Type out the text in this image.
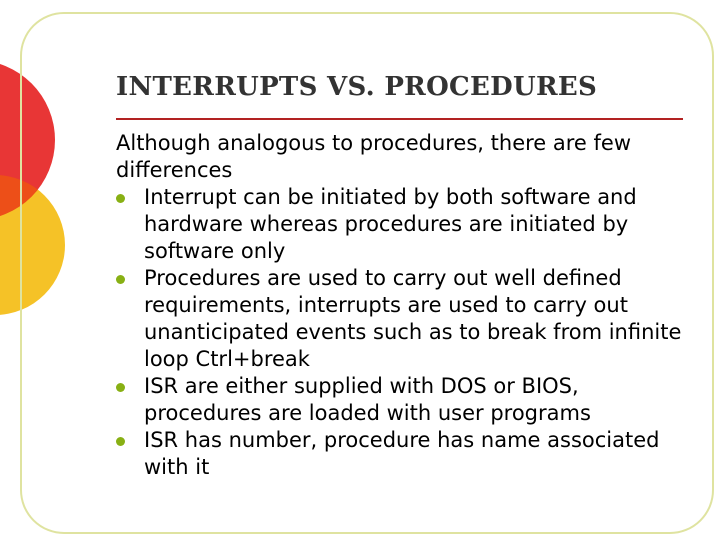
INTERRUPTS VS. PROCEDURES

Although analogous to procedures, there are few differences

Interrupt can be initiated by both software and hardware whereas procedures are initiated by software only
Procedures are used to carry out well defined requirements, interrupts are used to carry out unanticipated events such as to break from infinite loop Ctrl+break
ISR are either supplied with DOS or BIOS, procedures are loaded with user programs
ISR has number, procedure has name associated with it
